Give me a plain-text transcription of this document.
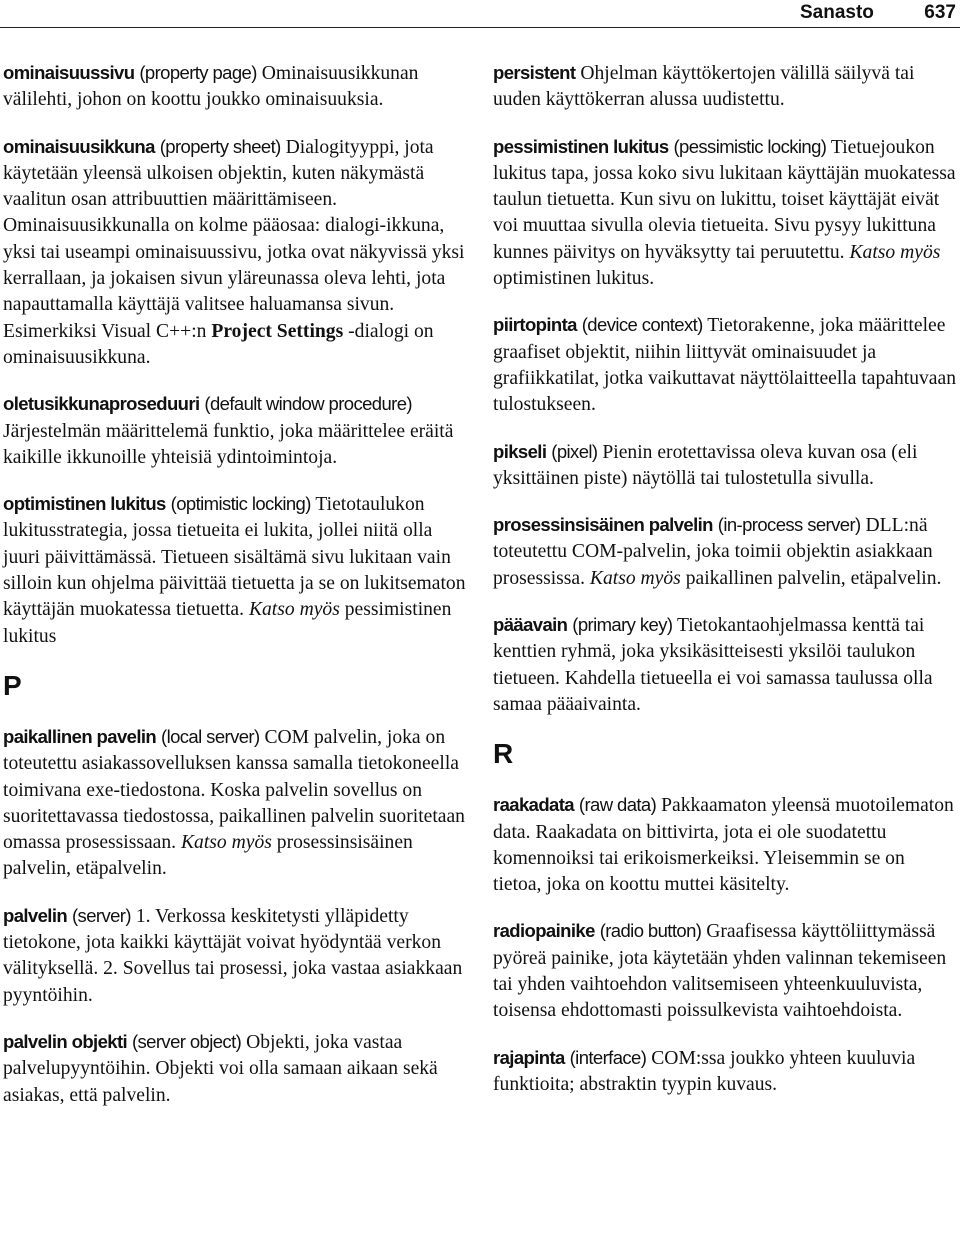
Sanasto	637

ominaisuussivu (property page) Ominaisuusikkunan välilehti, johon on koottu joukko ominaisuuksia.

ominaisuusikkuna (property sheet) Dialogityyppi, jota käytetään yleensä ulkoisen objektin, kuten näkymästä vaalitun osan attribuuttien määrittämiseen. Ominaisuusikkunalla on kolme pääosaa: dialogi-ikkuna, yksi tai useampi ominaisuussivu, jotka ovat näkyvissä yksi kerrallaan, ja jokaisen sivun yläreunassa oleva lehti, jota napauttamalla käyttäjä valitsee haluamansa sivun. Esimerkiksi Visual C++:n Project Settings -dialogi on ominaisuusikkuna.

oletusikkunaproseduuri (default window procedure) Järjestelmän määrittelemä funktio, joka määrittelee eräitä kaikille ikkunoille yhteisiä ydintoimintoja.

optimistinen lukitus (optimistic locking) Tietotaulukon lukitusstrategia, jossa tietueita ei lukita, jollei niitä olla juuri päivittämässä. Tietueen sisältämä sivu lukitaan vain silloin kun ohjelma päivittää tietuetta ja se on lukitsematon käyttäjän muokatessa tietuetta. Katso myös pessimistinen lukitus

P

paikallinen pavelin (local server) COM palvelin, joka on toteutettu asiakassovelluksen kanssa samalla tietokoneella toimivana exe-tiedostona. Koska palvelin sovellus on suoritettavassa tiedostossa, paikallinen palvelin suoritetaan omassa prosessissaan. Katso myös prosessinsisäinen palvelin, etäpalvelin.

palvelin (server) 1. Verkossa keskitetysti ylläpidetty tietokone, jota kaikki käyttäjät voivat hyödyntää verkon välityksellä. 2. Sovellus tai prosessi, joka vastaa asiakkaan pyyntöihin.

palvelin objekti (server object) Objekti, joka vastaa palvelupyyntöihin. Objekti voi olla samaan aikaan sekä asiakas, että palvelin.

persistent Ohjelman käyttökertojen välillä säilyvä tai uuden käyttökerran alussa uudistettu.

pessimistinen lukitus (pessimistic locking) Tietuejoukon lukitus tapa, jossa koko sivu lukitaan käyttäjän muokatessa taulun tietuetta. Kun sivu on lukittu, toiset käyttäjät eivät voi muuttaa sivulla olevia tietueita. Sivu pysyy lukittuna kunnes päivitys on hyväksytty tai peruutettu. Katso myös optimistinen lukitus.

piirtopinta (device context) Tietorakenne, joka määrittelee graafiset objektit, niihin liittyvät ominaisuudet ja grafiikkatilat, jotka vaikuttavat näyttölaitteella tapahtuvaan tulostukseen.

pikseli (pixel) Pienin erotettavissa oleva kuvan osa (eli yksittäinen piste) näytöllä tai tulostetulla sivulla.

prosessinsisäinen palvelin (in-process server) DLL:nä toteutettu COM-palvelin, joka toimii objektin asiakkaan prosessissa. Katso myös paikallinen palvelin, etäpalvelin.

pääavain (primary key) Tietokantaohjelmassa kenttä tai kenttien ryhmä, joka yksikäsitteisesti yksilöi taulukon tietueen. Kahdella tietueella ei voi samassa taulussa olla samaa pääaivainta.

R

raakadata (raw data) Pakkaamaton yleensä muotoilematon data. Raakadata on bittivirta, jota ei ole suodatettu komennoiksi tai erikoismerkeiksi. Yleisemmin se on tietoa, joka on koottu muttei käsitelty.

radiopainike (radio button) Graafisessa käyttöliittymässä pyöreä painike, jota käytetään yhden valinnan tekemiseen tai yhden vaihtoehdon valitsemiseen yhteenkuuluvista, toisensa ehdottomasti poissulkevista vaihtoehdoista.

rajapinta (interface) COM:ssa joukko yhteen kuuluvia funktioita; abstraktin tyypin kuvaus.
